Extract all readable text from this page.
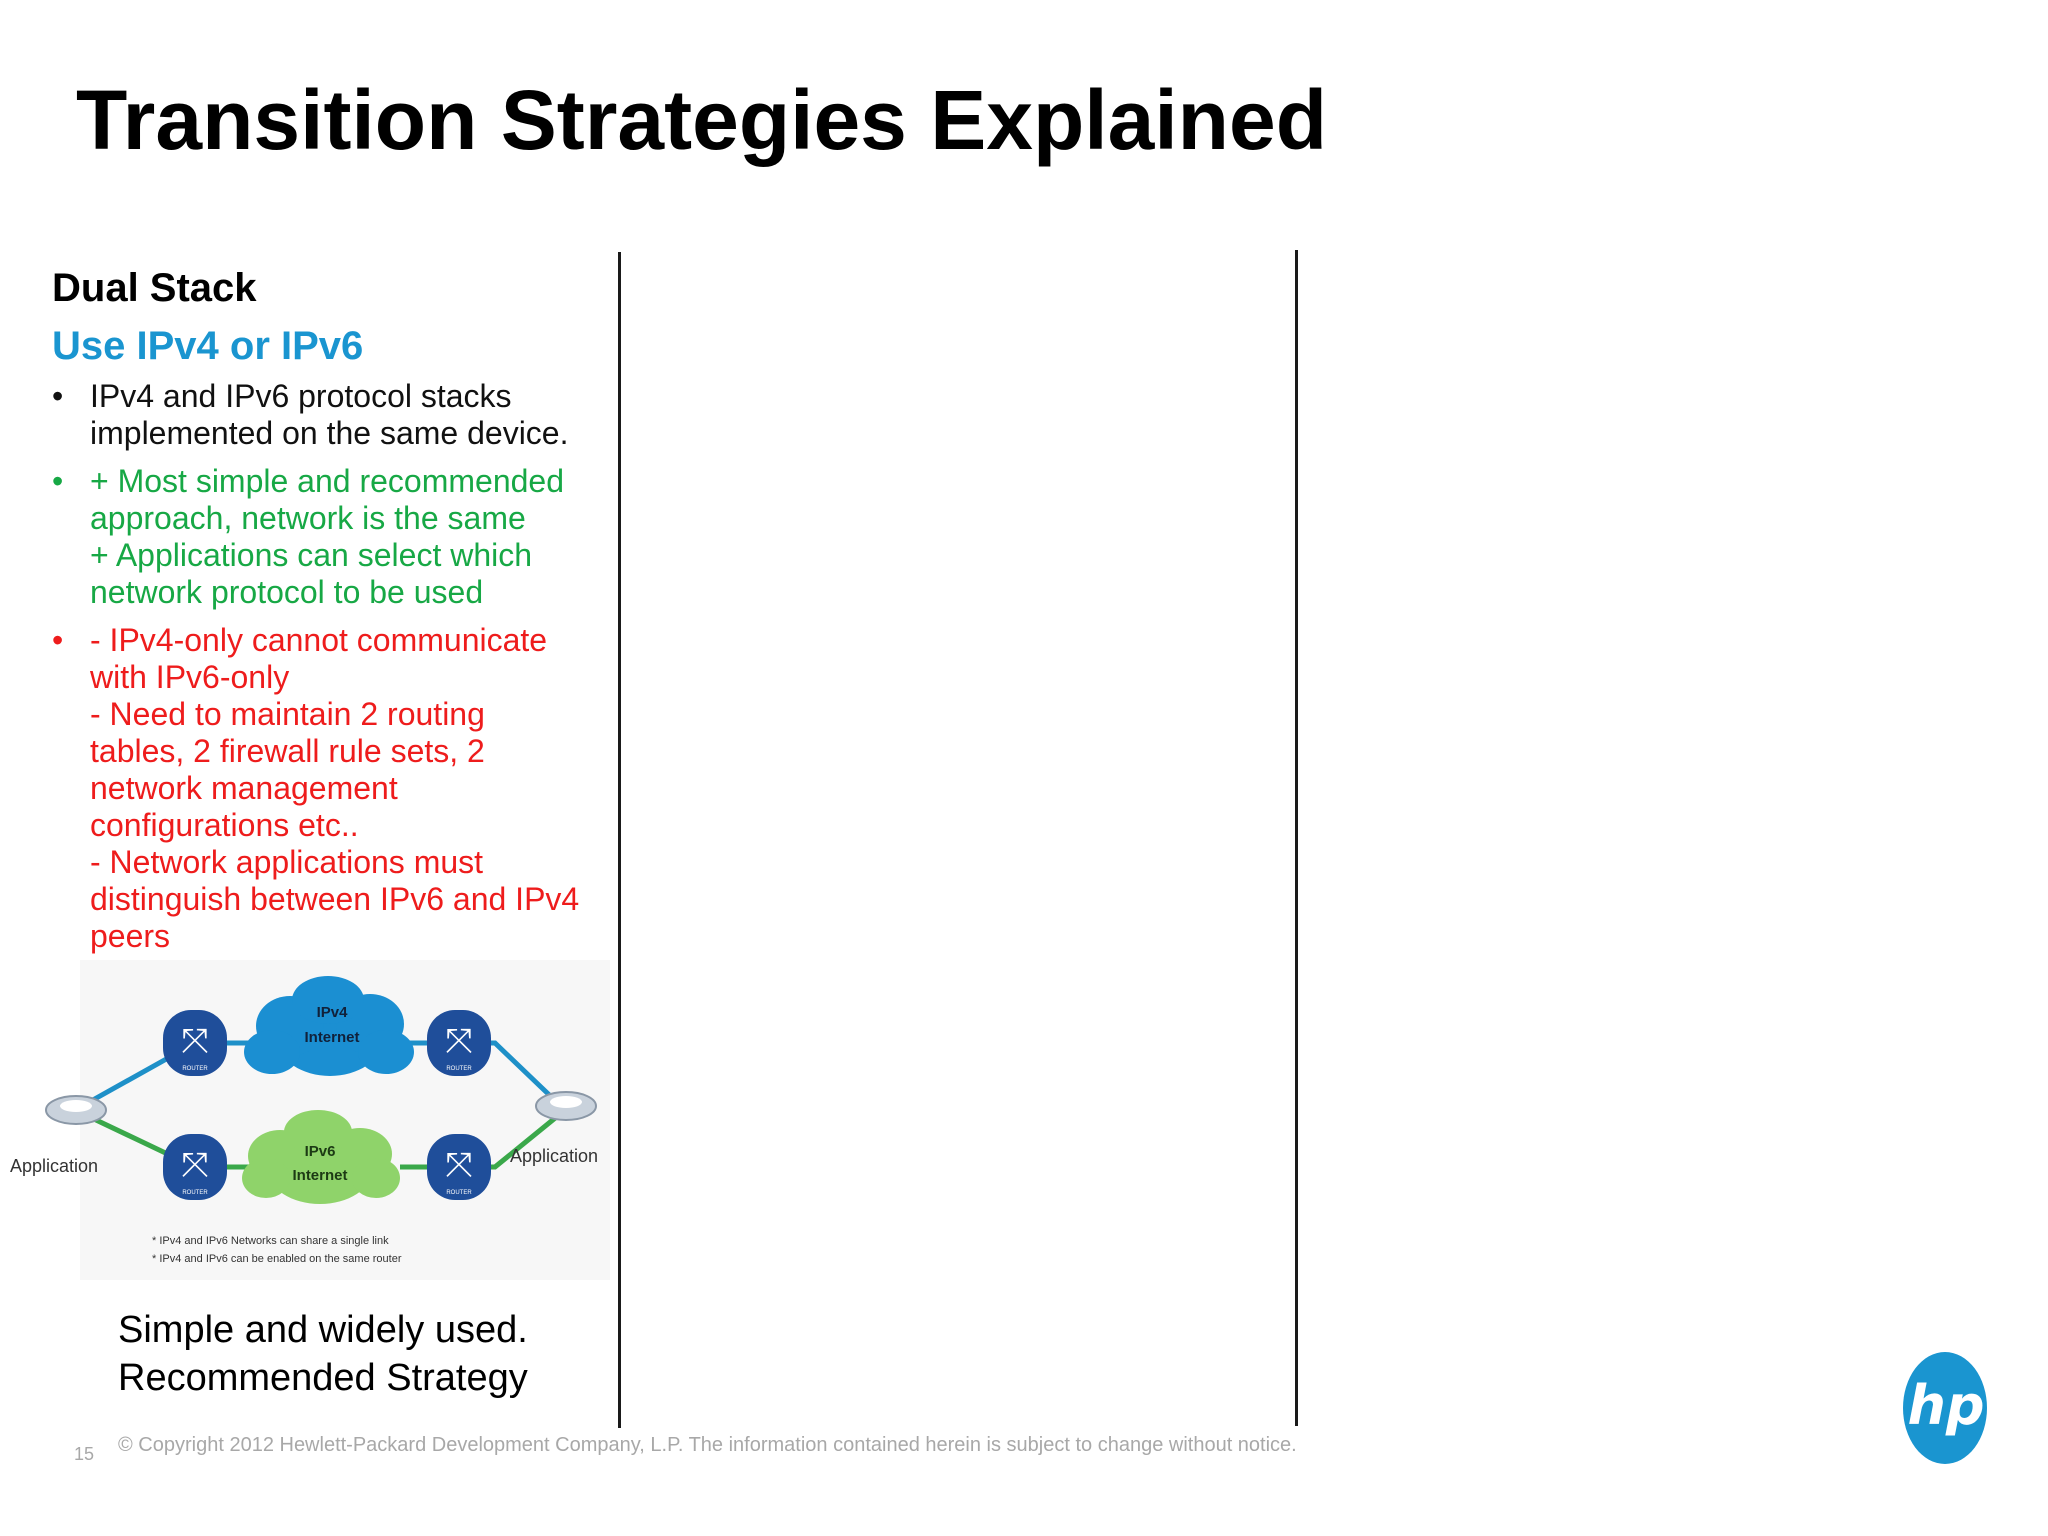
Transition Strategies Explained
Dual Stack
Use IPv4 or IPv6
• IPv4 and IPv6 protocol stacks
implemented on the same device.
• + Most simple and recommended
approach, network is the same
+ Applications can select which
network protocol to be used
• - IPv4-only cannot communicate
with IPv6-only
- Need to maintain 2 routing
tables, 2 firewall rule sets, 2
network management
configurations etc..
- Network applications must
distinguish between IPv6 and IPv4
peers
IPv4
Internet
IPv6
Internet
⤧
ROUTER
⤧
ROUTER
⤧
ROUTER
⤧
ROUTER
Application	Application
* IPv4 and IPv6 Networks can share a single link
* IPv4 and IPv6 can be enabled on the same router
Simple and widely used.
Recommended Strategy
15 © Copyright 2012 Hewlett-Packard Development Company, L.P. The information contained herein is subject to change without notice.
hp
